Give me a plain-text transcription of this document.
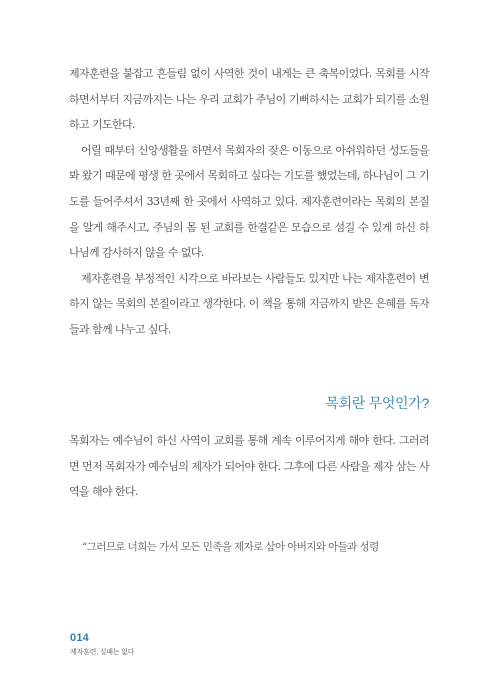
제자훈련을 붙잡고 흔들림 없이 사역한 것이 내게는 큰 축복이었다. 목회를 시작하면서부터 지금까지는 나는 우리 교회가 주님이 기뻐하시는 교회가 되기를 소원하고 기도한다.

어릴 때부터 신앙생활을 하면서 목회자의 잦은 이동으로 아쉬워하던 성도들을 봐 왔기 때문에 평생 한 곳에서 목회하고 싶다는 기도를 했었는데, 하나님이 그 기도를 들어주셔서 33년째 한 곳에서 사역하고 있다. 제자훈련이라는 목회의 본질을 알게 해주시고, 주님의 몸 된 교회를 한결같은 모습으로 섬길 수 있게 하신 하나님께 감사하지 않을 수 없다.

제자훈련을 부정적인 시각으로 바라보는 사람들도 있지만 나는 제자훈련이 변하지 않는 목회의 본질이라고 생각한다. 이 책을 통해 지금까지 받은 은혜를 독자들과 함께 나누고 싶다.

목회란 무엇인가?

목회자는 예수님이 하신 사역이 교회를 통해 계속 이루어지게 해야 한다. 그러려면 먼저 목회자가 예수님의 제자가 되어야 한다. 그후에 다른 사람을 제자 삼는 사역을 해야 한다.

“그러므로 너희는 가서 모든 민족을 제자로 삼아 아버지와 아들과 성령
014
제자훈련, 실패는 없다
